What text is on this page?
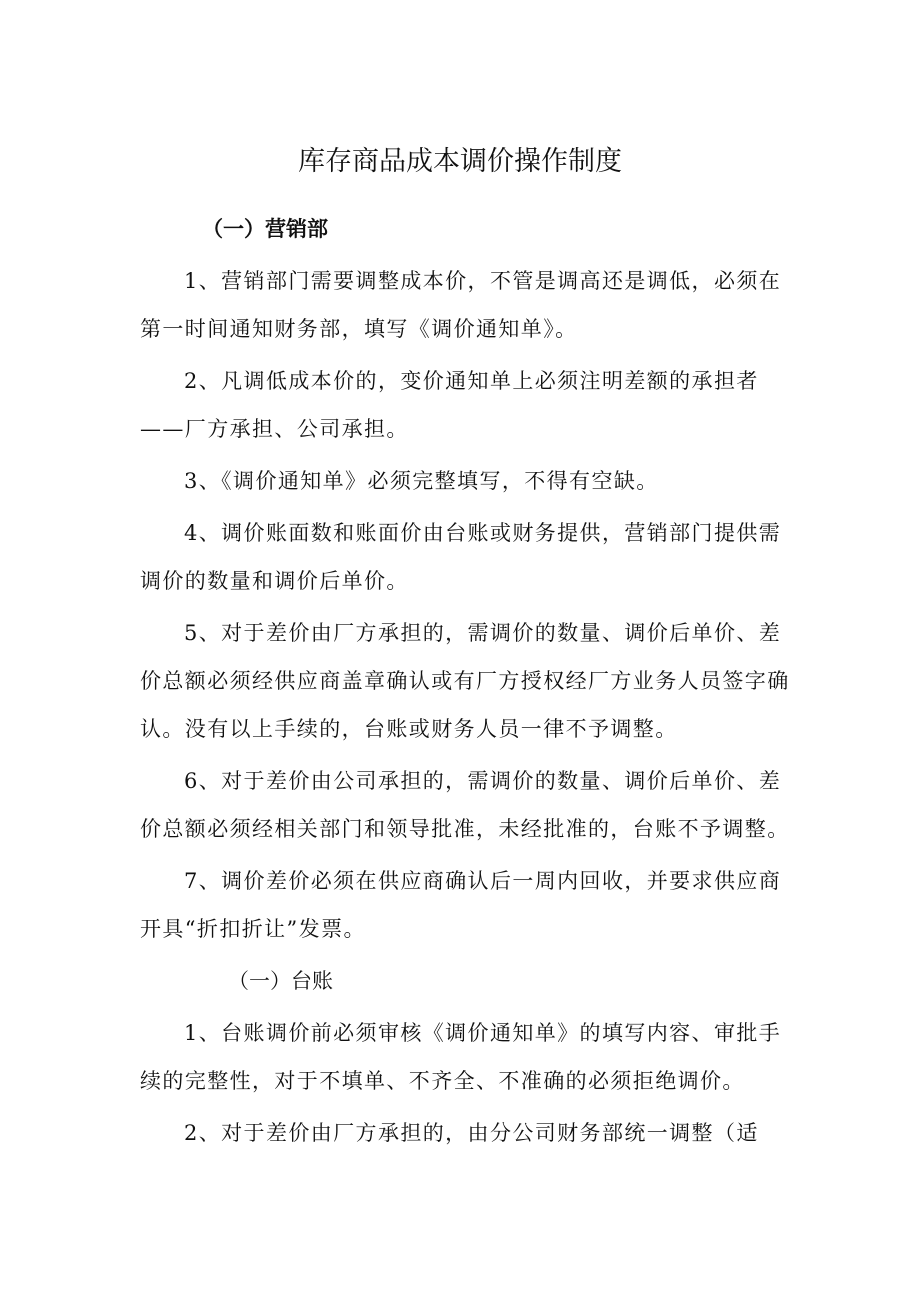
库存商品成本调价操作制度

（一）营销部

1、营销部门需要调整成本价，不管是调高还是调低，必须在第一时间通知财务部，填写《调价通知单》。

2、凡调低成本价的，变价通知单上必须注明差额的承担者——厂方承担、公司承担。

3、《调价通知单》必须完整填写，不得有空缺。

4、调价账面数和账面价由台账或财务提供，营销部门提供需调价的数量和调价后单价。

5、对于差价由厂方承担的，需调价的数量、调价后单价、差价总额必须经供应商盖章确认或有厂方授权经厂方业务人员签字确认。没有以上手续的，台账或财务人员一律不予调整。

6、对于差价由公司承担的，需调价的数量、调价后单价、差价总额必须经相关部门和领导批准，未经批准的，台账不予调整。

7、调价差价必须在供应商确认后一周内回收，并要求供应商开具“折扣折让”发票。

（一）台账

1、台账调价前必须审核《调价通知单》的填写内容、审批手续的完整性，对于不填单、不齐全、不准确的必须拒绝调价。

2、对于差价由厂方承担的，由分公司财务部统一调整（适
